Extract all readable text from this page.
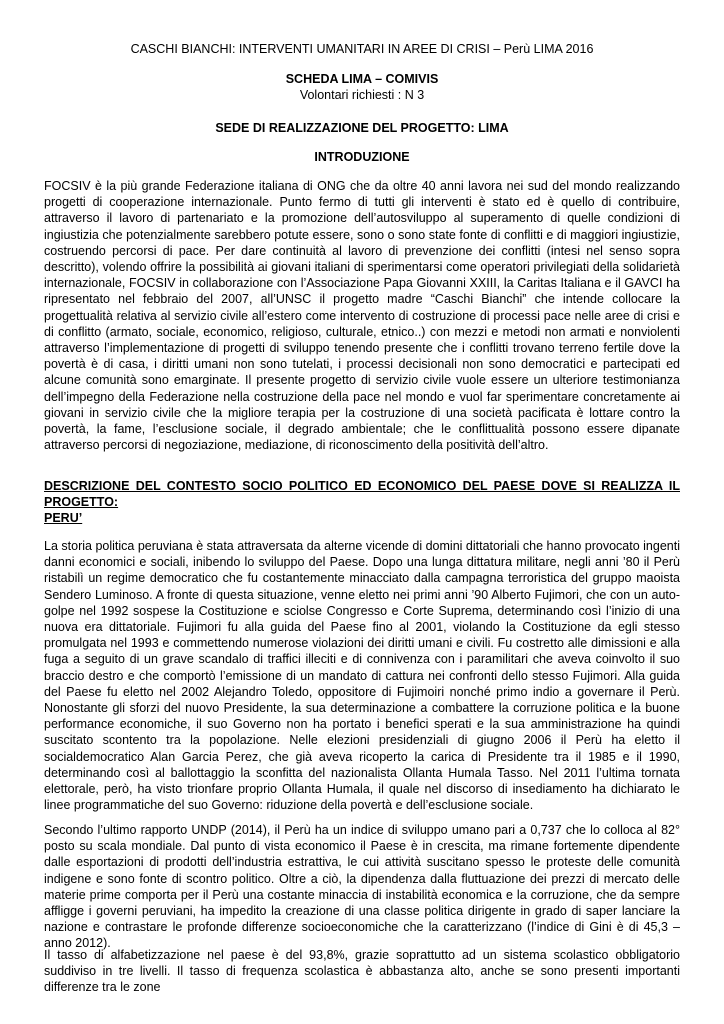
CASCHI BIANCHI: INTERVENTI UMANITARI IN AREE DI CRISI – Perù LIMA 2016
SCHEDA LIMA – COMIVIS
Volontari richiesti : N 3
SEDE DI REALIZZAZIONE DEL PROGETTO: LIMA
INTRODUZIONE

FOCSIV è la più grande Federazione italiana di ONG che da oltre 40 anni lavora nei sud del mondo realizzando progetti di cooperazione internazionale. Punto fermo di tutti gli interventi è stato ed è quello di contribuire, attraverso il lavoro di partenariato e la promozione dell’autosviluppo al superamento di quelle condizioni di ingiustizia che potenzialmente sarebbero potute essere, sono o sono state fonte di conflitti e di maggiori ingiustizie, costruendo percorsi di pace. Per dare continuità al lavoro di prevenzione dei conflitti (intesi nel senso sopra descritto), volendo offrire la possibilità ai giovani italiani di sperimentarsi come operatori privilegiati della solidarietà internazionale, FOCSIV in collaborazione con l’Associazione Papa Giovanni XXIII, la Caritas Italiana e il GAVCI ha ripresentato nel febbraio del 2007, all’UNSC il progetto madre “Caschi Bianchi” che intende collocare la progettualità relativa al servizio civile all’estero come intervento di costruzione di processi pace nelle aree di crisi e di conflitto (armato, sociale, economico, religioso, culturale, etnico..) con mezzi e metodi non armati e nonviolenti attraverso l’implementazione di progetti di sviluppo tenendo presente che i conflitti trovano terreno fertile dove la povertà è di casa, i diritti umani non sono tutelati, i processi decisionali non sono democratici e partecipati ed alcune comunità sono emarginate. Il presente progetto di servizio civile vuole essere un ulteriore testimonianza dell’impegno della Federazione nella costruzione della pace nel mondo e vuol far sperimentare concretamente ai giovani in servizio civile che la migliore terapia per la costruzione di una società pacificata è lottare contro la povertà, la fame, l’esclusione sociale, il degrado ambientale; che le conflittualità possono essere dipanate attraverso percorsi di negoziazione, mediazione, di riconoscimento della positività dell’altro.

DESCRIZIONE DEL CONTESTO SOCIO POLITICO ED ECONOMICO DEL PAESE DOVE SI REALIZZA IL PROGETTO:

PERU’

La storia politica peruviana è stata attraversata da alterne vicende di domini dittatoriali che hanno provocato ingenti danni economici e sociali, inibendo lo sviluppo del Paese. Dopo una lunga dittatura militare, negli anni ’80 il Perù ristabilì un regime democratico che fu costantemente minacciato dalla campagna terroristica del gruppo maoista Sendero Luminoso. A fronte di questa situazione, venne eletto nei primi anni ’90 Alberto Fujimori, che con un auto-golpe nel 1992 sospese la Costituzione e sciolse Congresso e Corte Suprema, determinando così l’inizio di una nuova era dittatoriale. Fujimori fu alla guida del Paese fino al 2001, violando la Costituzione da egli stesso promulgata nel 1993 e commettendo numerose violazioni dei diritti umani e civili. Fu costretto alle dimissioni e alla fuga a seguito di un grave scandalo di traffici illeciti e di connivenza con i paramilitari che aveva coinvolto il suo braccio destro e che comportò l’emissione di un mandato di cattura nei confronti dello stesso Fujimori. Alla guida del Paese fu eletto nel 2002 Alejandro Toledo, oppositore di Fujimoiri nonché primo indio a governare il Perù. Nonostante gli sforzi del nuovo Presidente, la sua determinazione a combattere la corruzione politica e la buone performance economiche, il suo Governo non ha portato i benefici sperati e la sua amministrazione ha quindi suscitato scontento tra la popolazione. Nelle elezioni presidenziali di giugno 2006 il Perù ha eletto il socialdemocratico Alan Garcia Perez, che già aveva ricoperto la carica di Presidente tra il 1985 e il 1990, determinando così al ballottaggio la sconfitta del nazionalista Ollanta Humala Tasso. Nel 2011 l’ultima tornata elettorale, però, ha visto trionfare proprio Ollanta Humala, il quale nel discorso di insediamento ha dichiarato le linee programmatiche del suo Governo: riduzione della povertà e dell’esclusione sociale.

Secondo l’ultimo rapporto UNDP (2014), il Perù ha un indice di sviluppo umano pari a 0,737 che lo colloca al 82° posto su scala mondiale. Dal punto di vista economico il Paese è in crescita, ma rimane fortemente dipendente dalle esportazioni di prodotti dell’industria estrattiva, le cui attività suscitano spesso le proteste delle comunità indigene e sono fonte di scontro politico. Oltre a ciò, la dipendenza dalla fluttuazione dei prezzi di mercato delle materie prime comporta per il Perù una costante minaccia di instabilità economica e la corruzione, che da sempre affligge i governi peruviani, ha impedito la creazione di una classe politica dirigente in grado di saper lanciare la nazione e contrastare le profonde differenze socioeconomiche che la caratterizzano (l’indice di Gini è di 45,3 – anno 2012).

Il tasso di alfabetizzazione nel paese è del 93,8%, grazie soprattutto ad un sistema scolastico obbligatorio suddiviso in tre livelli. Il tasso di frequenza scolastica è abbastanza alto, anche se sono presenti importanti differenze tra le zone
